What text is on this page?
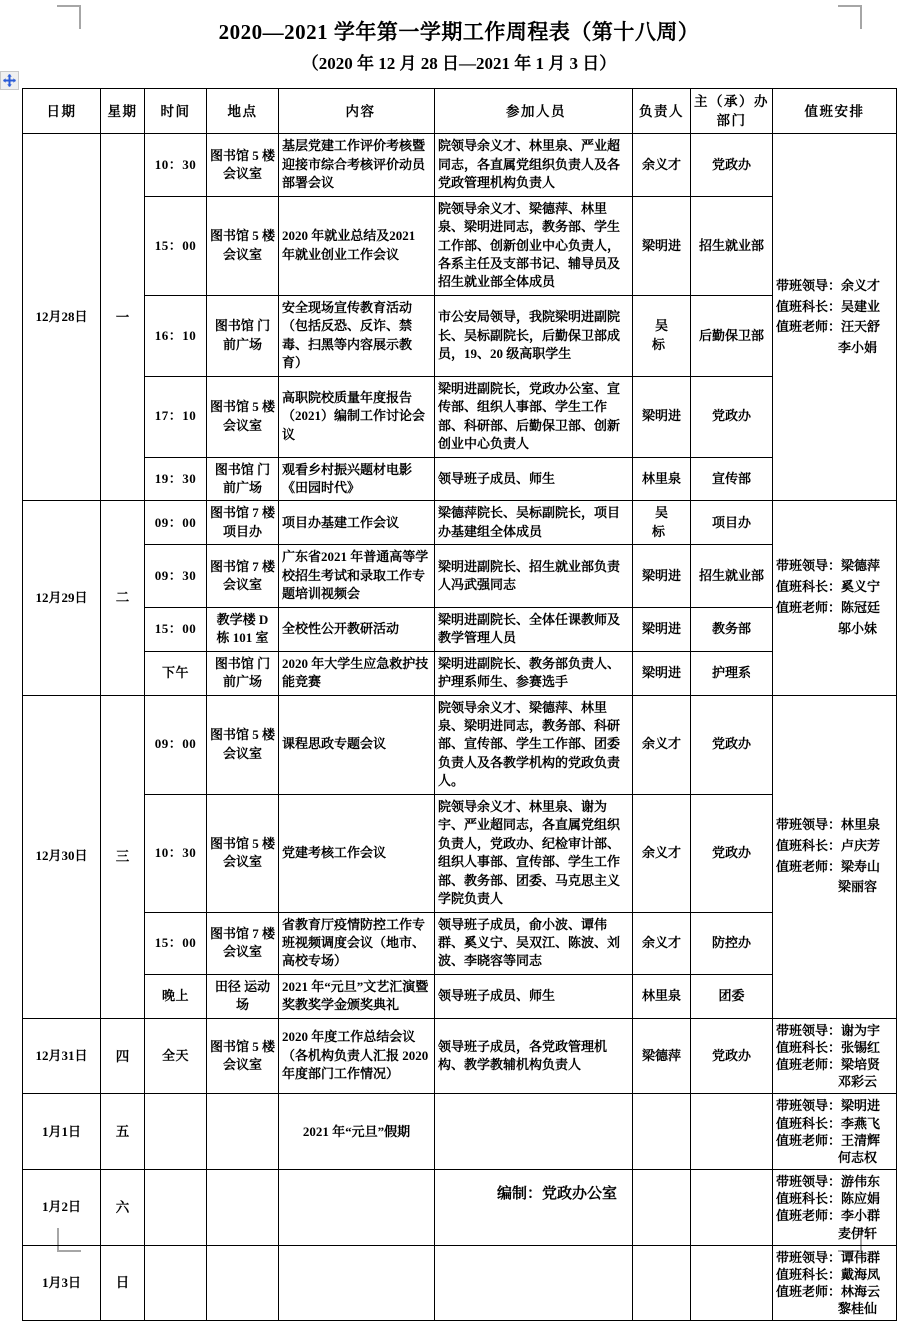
2020—2021 学年第一学期工作周程表（第十八周）
（2020 年 12 月 28 日—2021 年 1 月 3 日）
日期	星期	时间	地点	内容	参加人员	负责人	主（承）办部门	值班安排
12月28日	一	10：30	图书馆 5 楼会议室	基层党建工作评价考核暨迎接市综合考核评价动员部署会议	院领导余义才、林里泉、严业超同志，各直属党组织负责人及各党政管理机构负责人	余义才	党政办	带班领导：余义才
值班科长：吴建业
值班老师：汪天舒
李小娟

		15：00	图书馆 5 楼会议室	2020 年就业总结及2021 年就业创业工作会议	院领导余义才、梁德萍、林里泉、梁明进同志，教务部、学生工作部、创新创业中心负责人，各系主任及支部书记、辅导员及招生就业部全体成员	梁明进	招生就业部	
		16：10	图书馆 门前广场	安全现场宣传教育活动（包括反恐、反诈、禁毒、扫黑等内容展示教育）	市公安局领导，我院梁明进副院长、吴标副院长，后勤保卫部成员，19、20 级高职学生	吴　标	后勤保卫部	
		17：10	图书馆 5 楼会议室	高职院校质量年度报告（2021）编制工作讨论会议	梁明进副院长，党政办公室、宣传部、组织人事部、学生工作部、科研部、后勤保卫部、创新创业中心负责人	梁明进	党政办	
		19：30	图书馆 门前广场	观看乡村振兴题材电影《田园时代》	领导班子成员、师生	林里泉	宣传部	
12月29日	二	09：00	图书馆 7 楼项目办	项目办基建工作会议	梁德萍院长、吴标副院长，项目办基建组全体成员	吴　标	项目办	带班领导：梁德萍
值班科长：奚义宁
值班老师：陈冠廷
邬小妹

		09：30	图书馆 7 楼会议室	广东省2021 年普通高等学校招生考试和录取工作专题培训视频会	梁明进副院长、招生就业部负责人冯武强同志	梁明进	招生就业部	
		15：00	教学楼 D 栋 101 室	全校性公开教研活动	梁明进副院长、全体任课教师及教学管理人员	梁明进	教务部	
		下午	图书馆 门前广场	2020 年大学生应急救护技能竞赛	梁明进副院长、教务部负责人、护理系师生、参赛选手	梁明进	护理系	
12月30日	三	09：00	图书馆 5 楼会议室	课程思政专题会议	院领导余义才、梁德萍、林里泉、梁明进同志，教务部、科研部、宣传部、学生工作部、团委负责人及各教学机构的党政负责人。	余义才	党政办	带班领导：林里泉
值班科长：卢庆芳
值班老师：梁寿山
梁丽容

		10：30	图书馆 5 楼会议室	党建考核工作会议	院领导余义才、林里泉、谢为宇、严业超同志，各直属党组织负责人，党政办、纪检审计部、组织人事部、宣传部、学生工作部、教务部、团委、马克思主义学院负责人	余义才	党政办	
		15：00	图书馆 7 楼会议室	省教育厅疫情防控工作专班视频调度会议（地市、高校专场）	领导班子成员，俞小波、谭伟群、奚义宁、吴双江、陈波、刘波、李晓容等同志	余义才	防控办	
		晚上	田径 运动场	2021 年“元旦”文艺汇演暨奖教奖学金颁奖典礼	领导班子成员、师生	林里泉	团委	
12月31日	四	全天	图书馆 5 楼会议室	2020 年度工作总结会议（各机构负责人汇报 2020 年度部门工作情况）	领导班子成员，各党政管理机构、教学教辅机构负责人	梁德萍	党政办	带班领导：谢为宇
值班科长：张锡红
值班老师：梁培贤
邓彩云

1月1日	五			2021 年“元旦”假期				带班领导：梁明进
值班科长：李燕飞
值班老师：王清辉
何志权

1月2日	六							带班领导：游伟东
值班科长：陈应娟
值班老师：李小群
麦伊轩

1月3日	日							带班领导：谭伟群
值班科长：戴海凤
值班老师：林海云
黎桂仙
编制：党政办公室
